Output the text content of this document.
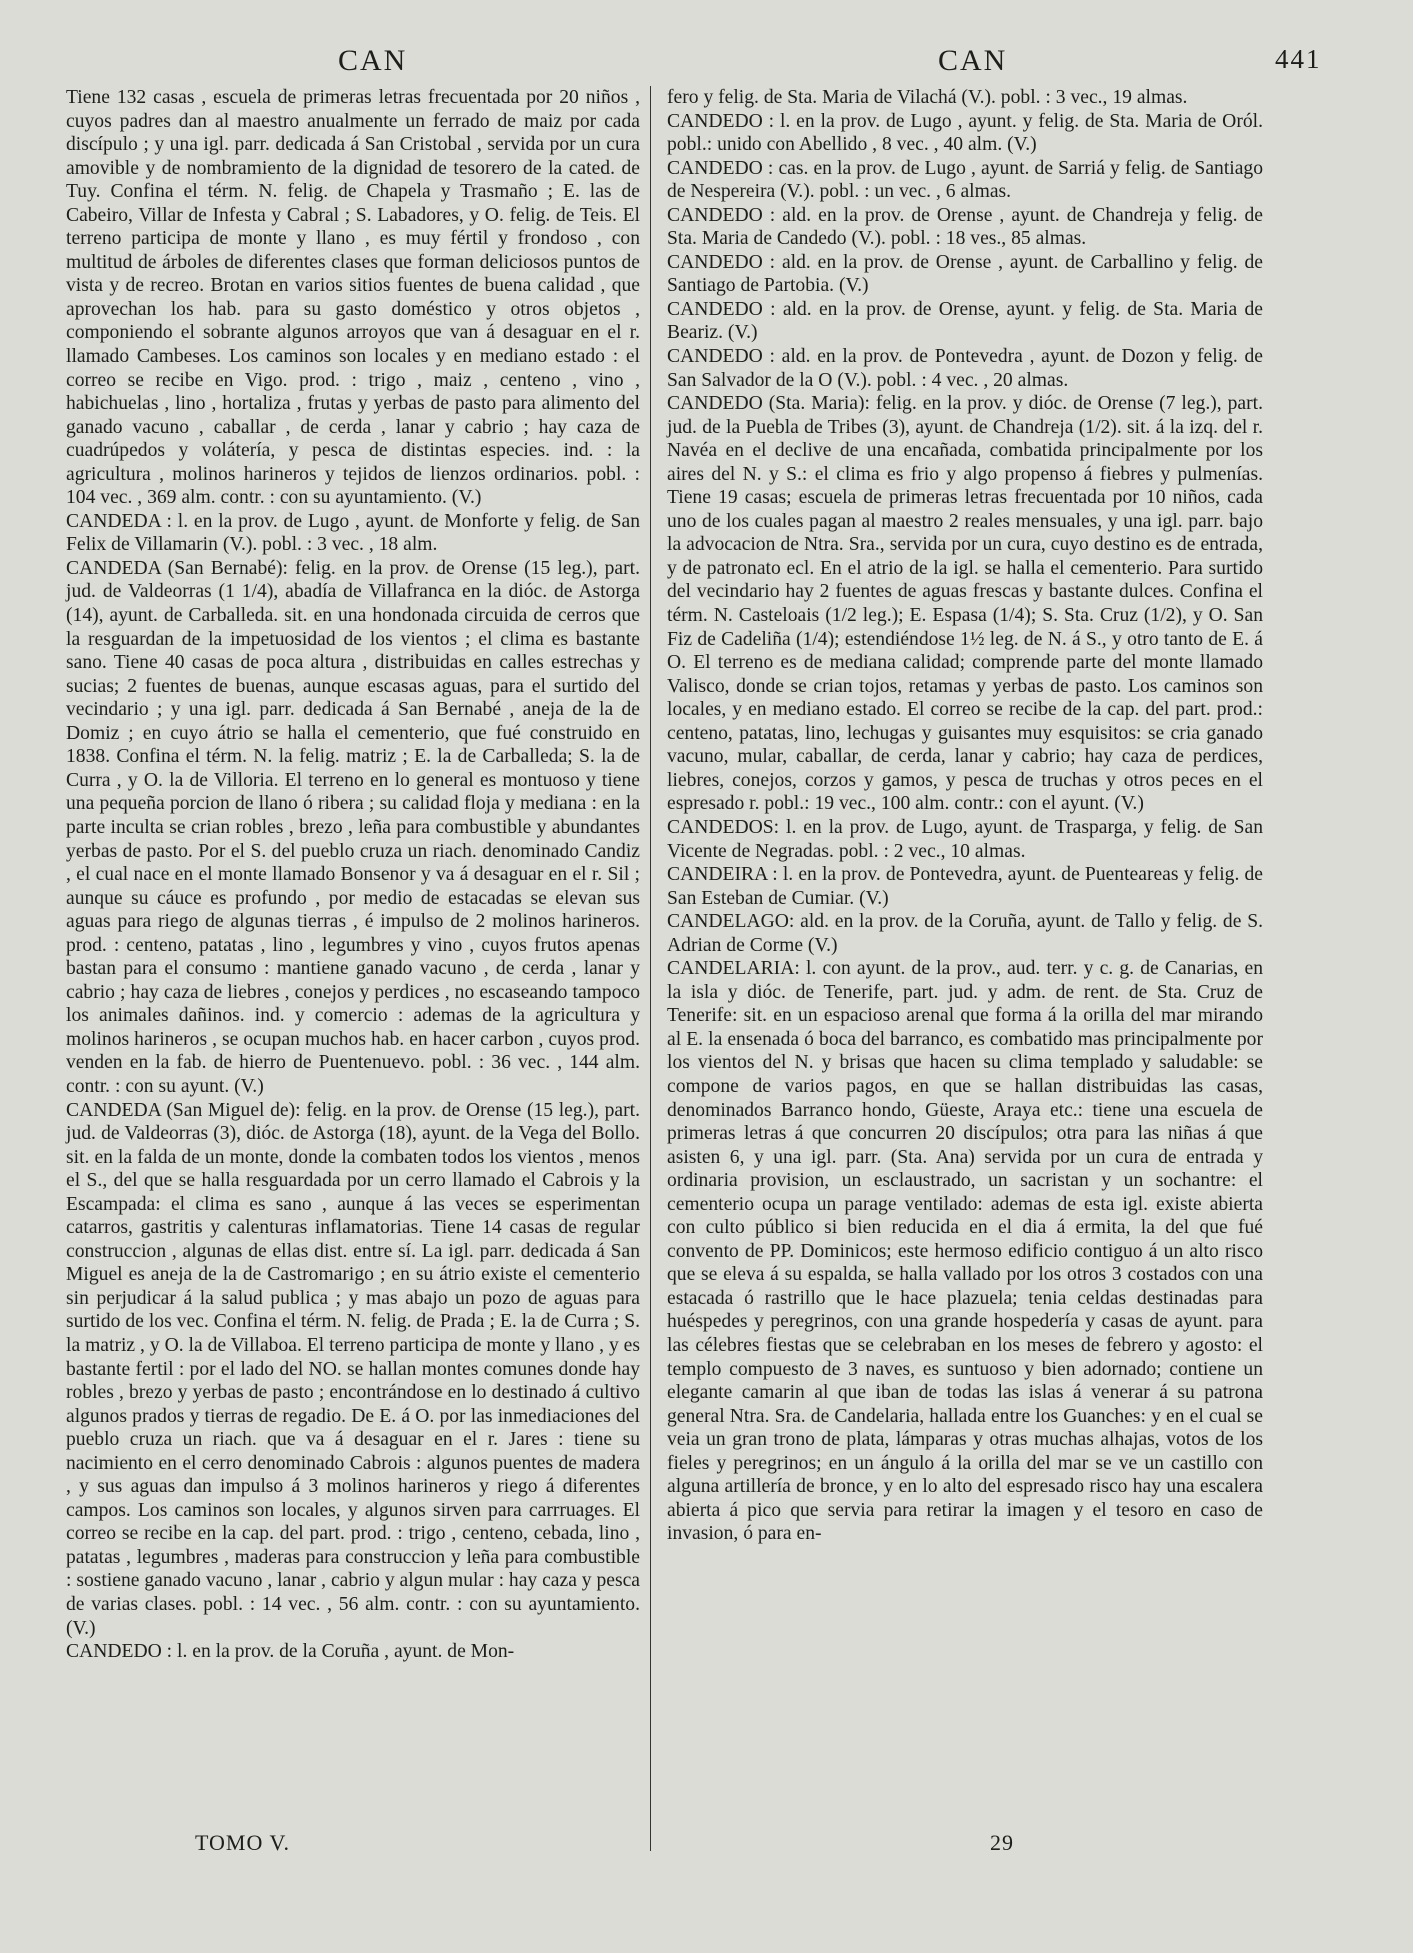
CAN	CAN	441

Tiene 132 casas , escuela de primeras letras frecuentada por 20 niños , cuyos padres dan al maestro anualmente un ferrado de maiz por cada discípulo ; y una igl. parr. dedicada á San Cristobal , servida por un cura amovible y de nombramiento de la dignidad de tesorero de la cated. de Tuy. Confina el térm. N. felig. de Chapela y Trasmaño ; E. las de Cabeiro, Villar de Infesta y Cabral ; S. Labadores, y O. felig. de Teis. El terreno participa de monte y llano , es muy fértil y frondoso , con multitud de árboles de diferentes clases que forman deliciosos puntos de vista y de recreo. Brotan en varios sitios fuentes de buena calidad , que aprovechan los hab. para su gasto doméstico y otros objetos , componiendo el sobrante algunos arroyos que van á desaguar en el r. llamado Cambeses. Los caminos son locales y en mediano estado : el correo se recibe en Vigo. prod. : trigo , maiz , centeno , vino , habichuelas , lino , hortaliza , frutas y yerbas de pasto para alimento del ganado vacuno , caballar , de cerda , lanar y cabrio ; hay caza de cuadrúpedos y volátería, y pesca de distintas especies. ind. : la agricultura , molinos harineros y tejidos de lienzos ordinarios. pobl. : 104 vec. , 369 alm. contr. : con su ayuntamiento. (V.)

CANDEDA : l. en la prov. de Lugo , ayunt. de Monforte y felig. de San Felix de Villamarin (V.). pobl. : 3 vec. , 18 alm.

CANDEDA (San Bernabé): felig. en la prov. de Orense (15 leg.), part. jud. de Valdeorras (1 1/4), abadía de Villafranca en la dióc. de Astorga (14), ayunt. de Carballeda. sit. en una hondonada circuida de cerros que la resguardan de la impetuosidad de los vientos ; el clima es bastante sano. Tiene 40 casas de poca altura , distribuidas en calles estrechas y sucias; 2 fuentes de buenas, aunque escasas aguas, para el surtido del vecindario ; y una igl. parr. dedicada á San Bernabé , aneja de la de Domiz ; en cuyo átrio se halla el cementerio, que fué construido en 1838. Confina el térm. N. la felig. matriz ; E. la de Carballeda; S. la de Curra , y O. la de Villoria. El terreno en lo general es montuoso y tiene una pequeña porcion de llano ó ribera ; su calidad floja y mediana : en la parte inculta se crian robles , brezo , leña para combustible y abundantes yerbas de pasto. Por el S. del pueblo cruza un riach. denominado Candiz , el cual nace en el monte llamado Bonsenor y va á desaguar en el r. Sil ; aunque su cáuce es profundo , por medio de estacadas se elevan sus aguas para riego de algunas tierras , é impulso de 2 molinos harineros. prod. : centeno, patatas , lino , legumbres y vino , cuyos frutos apenas bastan para el consumo : mantiene ganado vacuno , de cerda , lanar y cabrio ; hay caza de liebres , conejos y perdices , no escaseando tampoco los animales dañinos. ind. y comercio : ademas de la agricultura y molinos harineros , se ocupan muchos hab. en hacer carbon , cuyos prod. venden en la fab. de hierro de Puentenuevo. pobl. : 36 vec. , 144 alm. contr. : con su ayunt. (V.)

CANDEDA (San Miguel de): felig. en la prov. de Orense (15 leg.), part. jud. de Valdeorras (3), dióc. de Astorga (18), ayunt. de la Vega del Bollo. sit. en la falda de un monte, donde la combaten todos los vientos , menos el S., del que se halla resguardada por un cerro llamado el Cabrois y la Escampada: el clima es sano , aunque á las veces se esperimentan catarros, gastritis y calenturas inflamatorias. Tiene 14 casas de regular construccion , algunas de ellas dist. entre sí. La igl. parr. dedicada á San Miguel es aneja de la de Castromarigo ; en su átrio existe el cementerio sin perjudicar á la salud publica ; y mas abajo un pozo de aguas para surtido de los vec. Confina el térm. N. felig. de Prada ; E. la de Curra ; S. la matriz , y O. la de Villaboa. El terreno participa de monte y llano , y es bastante fertil : por el lado del NO. se hallan montes comunes donde hay robles , brezo y yerbas de pasto ; encontrándose en lo destinado á cultivo algunos prados y tierras de regadio. De E. á O. por las inmediaciones del pueblo cruza un riach. que va á desaguar en el r. Jares : tiene su nacimiento en el cerro denominado Cabrois : algunos puentes de madera , y sus aguas dan impulso á 3 molinos harineros y riego á diferentes campos. Los caminos son locales, y algunos sirven para carrruages. El correo se recibe en la cap. del part. prod. : trigo , centeno, cebada, lino , patatas , legumbres , maderas para construccion y leña para combustible : sostiene ganado vacuno , lanar , cabrio y algun mular : hay caza y pesca de varias clases. pobl. : 14 vec. , 56 alm. contr. : con su ayuntamiento. (V.)

CANDEDO : l. en la prov. de la Coruña , ayunt. de Mon-

fero y felig. de Sta. Maria de Vilachá (V.). pobl. : 3 vec., 19 almas.

CANDEDO : l. en la prov. de Lugo , ayunt. y felig. de Sta. Maria de Oról. pobl.: unido con Abellido , 8 vec. , 40 alm. (V.)

CANDEDO : cas. en la prov. de Lugo , ayunt. de Sarriá y felig. de Santiago de Nespereira (V.). pobl. : un vec. , 6 almas.

CANDEDO : ald. en la prov. de Orense , ayunt. de Chandreja y felig. de Sta. Maria de Candedo (V.). pobl. : 18 ves., 85 almas.

CANDEDO : ald. en la prov. de Orense , ayunt. de Carballino y felig. de Santiago de Partobia. (V.)

CANDEDO : ald. en la prov. de Orense, ayunt. y felig. de Sta. Maria de Beariz. (V.)

CANDEDO : ald. en la prov. de Pontevedra , ayunt. de Dozon y felig. de San Salvador de la O (V.). pobl. : 4 vec. , 20 almas.

CANDEDO (Sta. Maria): felig. en la prov. y dióc. de Orense (7 leg.), part. jud. de la Puebla de Tribes (3), ayunt. de Chandreja (1/2). sit. á la izq. del r. Navéa en el declive de una encañada, combatida principalmente por los aires del N. y S.: el clima es frio y algo propenso á fiebres y pulmenías. Tiene 19 casas; escuela de primeras letras frecuentada por 10 niños, cada uno de los cuales pagan al maestro 2 reales mensuales, y una igl. parr. bajo la advocacion de Ntra. Sra., servida por un cura, cuyo destino es de entrada, y de patronato ecl. En el atrio de la igl. se halla el cementerio. Para surtido del vecindario hay 2 fuentes de aguas frescas y bastante dulces. Confina el térm. N. Casteloais (1/2 leg.); E. Espasa (1/4); S. Sta. Cruz (1/2), y O. San Fiz de Cadeliña (1/4); estendiéndose 1½ leg. de N. á S., y otro tanto de E. á O. El terreno es de mediana calidad; comprende parte del monte llamado Valisco, donde se crian tojos, retamas y yerbas de pasto. Los caminos son locales, y en mediano estado. El correo se recibe de la cap. del part. prod.: centeno, patatas, lino, lechugas y guisantes muy esquisitos: se cria ganado vacuno, mular, caballar, de cerda, lanar y cabrio; hay caza de perdices, liebres, conejos, corzos y gamos, y pesca de truchas y otros peces en el espresado r. pobl.: 19 vec., 100 alm. contr.: con el ayunt. (V.)

CANDEDOS: l. en la prov. de Lugo, ayunt. de Traspargа, y felig. de San Vicente de Negradas. pobl. : 2 vec., 10 almas.

CANDEIRA : l. en la prov. de Pontevedra, ayunt. de Puenteareas y felig. de San Esteban de Cumiar. (V.)

CANDELAGO: ald. en la prov. de la Coruña, ayunt. de Tallo y felig. de S. Adrian de Corme (V.)

CANDELARIA: l. con ayunt. de la prov., aud. terr. y c. g. de Canarias, en la isla y dióc. de Tenerife, part. jud. y adm. de rent. de Sta. Cruz de Tenerife: sit. en un espacioso arenal que forma á la orilla del mar mirando al E. la ensenada ó boca del barranco, es combatido mas principalmente por los vientos del N. y brisas que hacen su clima templado y saludable: se compone de varios pagos, en que se hallan distribuidas las casas, denominados Barranco hondo, Güeste, Araya etc.: tiene una escuela de primeras letras á que concurren 20 discípulos; otra para las niñas á que asisten 6, y una igl. parr. (Sta. Ana) servida por un cura de entrada y ordinaria provision, un esclaustrado, un sacristan y un sochantre: el cementerio ocupa un parage ventilado: ademas de esta igl. existe abierta con culto público si bien reducida en el dia á ermita, la del que fué convento de PP. Dominicos; este hermoso edificio contiguo á un alto risco que se eleva á su espalda, se halla vallado por los otros 3 costados con una estacada ó rastrillo que le hace plazuela; tenia celdas destinadas para huéspedes y peregrinos, con una grande hospedería y casas de ayunt. para las célebres fiestas que se celebraban en los meses de febrero y agosto: el templo compuesto de 3 naves, es suntuoso y bien adornado; contiene un elegante camarin al que iban de todas las islas á venerar á su patrona general Ntra. Sra. de Candelaria, hallada entre los Guanches: y en el cual se veia un gran trono de plata, lámparas y otras muchas alhajas, votos de los fieles y peregrinos; en un ángulo á la orilla del mar se ve un castillo con alguna artillería de bronce, y en lo alto del espresado risco hay una escalera abierta á pico que servia para retirar la imagen y el tesoro en caso de invasion, ó para en-

TOMO V.	29
